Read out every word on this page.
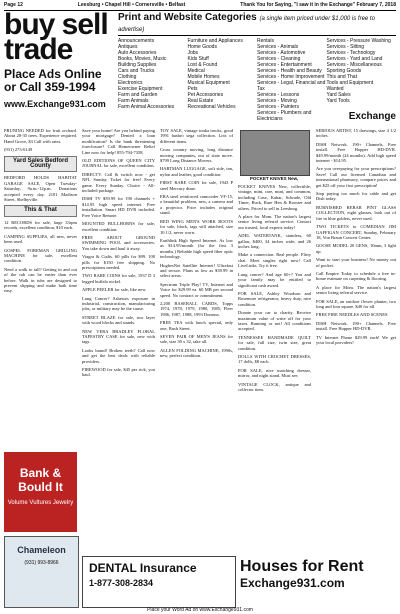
Page 12	Leesburg • Chapel Hill • Cornersville • Belfast	Thank You for Saying, "I saw it in the Exchange" February 7, 2018
buy sell
trade
Place Ads Online or Call 359-1994
www.Exchange931.com
Print and Website Categories (a single item priced under $1,000 is free to advertise)
Announcements
Antiques
Auto Accessories
Books, Movies, Music
Building Supplies
Cars and Trucks
Clothing
Electronics
Exercise Equipment
Farm and Garden
Farm Animals
Farm Animal Accessories
Furniture and Appliances
Home Goods
Jobs
Kids Stuff
Lost & Found
Medical
Mobile Homes
Musical Equipment
Pets
Pet Accessories
Real Estate
Recreational Vehicles
Rentals
Services - Animals
Services - Automotive
Services - Cleaning
Services - Entertainment
Services - Health and Beauty
Services - Home Improvement
Services - Legal, Financial and Tax
Services - Lessons
Services - Moving
Services - Painters
Services - Plumbers and Electricians
Services - Pressure Washing
Services - Sitting
Services - Technology
Services - Yard and Land
Services - Miscellaneous
Sporting Goods
This and That
Tools and Equipment
Wanted
Yard Sales
Yard Tools
Exchange

PRUNING NEEDED for fruit orchard. About 20-35 trees. Experience required. Hand Grove, $3 Call with rates.

(931) 273-6149

Yard Sales Bedford County

BEDFORD HOLDS HABITAT GARAGE SALE, Open Tuesday-Saturday, 9a.m.-12p.m. Donations accepted every day. 2101 Madison Street, Shelbyville.

This & That

12 RECORDS for sale, large 33rpm records, excellent condition, $10 each.

CAMPING SUPPLIES, all new, never been used.

GOSPEL FOREMAN GRILLING MACHINE for sale, excellent condition.

Need a walk to tall? Getting in and out of the tub can be easier than ever before. Walk in tubs are designed to prevent slipping and make bath time easy.

Save your home! Are you behind paying your mortgage? Denied a loan modification? Is the bank threatening foreclosure? Call Homeowner Relief Line now for help! 855-794-7358.

OLD EDITIONS OF QUEEN CITY JOURNAL for sale, excellent condition.

DIRECTV. Call & switch now - get NFL Sunday Ticket for free! Every game. Every Sunday. Choice - All-included package.

DISH TV $59.99 for 190 channels + $14.95 high speed internet. Free installation. Smart HD DVR included. Free Voice Remote.

MOUNTED BULLHORNS for sale, excellent condition.

FREE ABOUT GROUND SWIMMING POOL and accessories. You take down and haul it away.

Viagra & Cialis. 60 pills for $99. 100 pills for $150 free shipping. No prescriptions needed.

TWO RARE COINS for sale, 1937 D 3 legged buffalo nickel.

APPLE PEELER for sale, like new.

Lung Cancer? Asbestos exposure in industrial, construction, manufacturing jobs, or military may be the cause.

STREET BLAZE for sale, two layer with wood blocks and stands.

NEW VERA BRADLEY FLORAL TAPESTRY CASE for sale, new with tags.

Looks brand! Broken teeth? Call now and get the best deals with reliable providers.

FIREWOOD for sale, $45 per rick, you haul.

TOY SALE, vintage tonka trucks, good 1991 hasbro sega collection. Lots of different items.

Cross country moving, long distance moving companies, out of state move. $799 Long Distance Movers.

HARTMAN LUGGAGE, soft side, tan, nylon and leather, good condition.

FIRST RARE COIN for sale, 1943 P steel Mercury dime.

ERA steel reinforced camcorder VF-15, a beautiful problem, new, a camera and a projector. Price includes original stand.

RED WING MEN'S WORK BOOTS for sale, black, tags still attached, size 10 1/2, never worn.

Earthlink High Speed Internet. As low as $14.95/month (for the first 3 months.) Reliable high speed fiber optic technology.

HughesNet Satellite Internet! Ultrafast and secure. Plans as low as $39.99 in select areas.

Spectrum Triple Play! TV, Internet and Voice for $29.99 ea. 60 MB per second speed. No contract or commitment.

2,200 BASEBALL CARDS, Topps 1974, 1978, 1979, 1980, 1985, Fleer 1986, 1987, 1988, 1993 Donruss.

FREE TEA with lunch special, only one, Bush Street.

SEVEN PAIR OF MEN'S JEANS for sale, size 30 x 32, take all.

ALLEN FOLDING MACHINE, 1990s, new, perfect condition.

POCKET KNIVES New,

POCKET KNIVES New, collectible, vintage, mint, rare, mint, and common, including Case, Kabar, Schrade, Old Timer, Buck, Rare Hen & Rooster and others. Priced to sell in Leesburg.

A place for Mom. The nation's largest senior living referral service. Contact our trusted, local experts today!

ADEL WATERTANK, stainless, 60 gallon, $400, 34 inches wide, and 26 inches long.

Make a connection. Real people. Flirty chat. Meet singles right now! Call LiveLinks. Try it free.

Lung cancer? And age 60+? You and your family may be entitled to significant cash award.

FOR SALE, Ashley Woodson and Rosemore refrigerator, heavy duty, nice condition.

Donate your car to charity. Receive maximum value of write off for your taxes. Running or not! All conditions accepted.

TENNESSEE HANDMADE QUILT for sale, full size, twin size, great condition.

DOLLS WITH CROCHET DRESSES, 17 dolls, $8 each.

FOR SALE, nice matching dresser, mirror, and night stand. Must see.

VINTAGE CLOCK, antique and collector item.

SERIOUS ARTIST, 15 drawings, size 4 1/2 inches.

DISH Network. 190+ Channels. Free install. Free Hopper HD-DVR. $49.99/month (24 months). Add high speed internet - $14.95.

Are you overpaying for your prescriptions? Save! Call our licensed Canadian and international pharmacy, compare prices and get $25 off your first prescription!

Stop paying too much for cable and get Dish today.

BURNISHED REBAR PINT GLASS COLLECTION, eight glasses, look out of fire in blue goblets, never used.

TWO TICKETS to COMEDIAN JIM GAFFIGAN CONCERT, Sunday, February 18, Von Braun Concert Center.

GOOSE MODEL 20 GENS, 10mm, 3 light up.

Want to start your business! No money out of pocket.

Call Empire Today to schedule a free in-home estimate on carpeting & flooring.

A place for Mom. The nation's largest senior living referral service.

FOR SALE, an outdoor flower planter, two long and four square. $40 for all.

FREE FIRE NEEDLES AND SCENES

DISH Network. 190+ Channels. Free install. Free Hopper HD-DVR.

TV Internet Phone $29.99 each! We get your local providers!

Bank & Bould It
Volume Vultures Jewelry
Chameleon
(931) 993-8966	DENTAL Insurance
1-877-308-2834
Houses for Rent
Exchange931.com
Place your Word Ad on www.Exchange931.com
